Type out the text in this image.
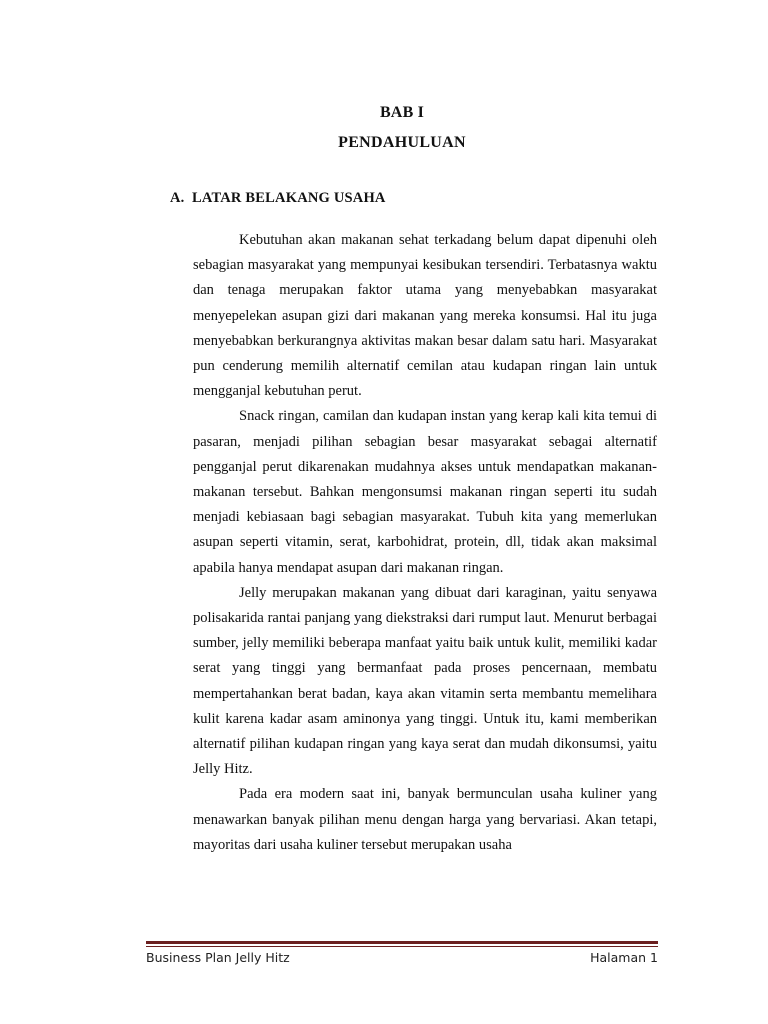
BAB I
PENDAHULUAN
A. LATAR BELAKANG USAHA

Kebutuhan akan makanan sehat terkadang belum dapat dipenuhi oleh sebagian masyarakat yang mempunyai kesibukan tersendiri. Terbatasnya waktu dan tenaga merupakan faktor utama yang menyebabkan masyarakat menyepelekan asupan gizi dari makanan yang mereka konsumsi. Hal itu juga menyebabkan berkurangnya aktivitas makan besar dalam satu hari. Masyarakat pun cenderung memilih alternatif cemilan atau kudapan ringan lain untuk mengganjal kebutuhan perut.

Snack ringan, camilan dan kudapan instan yang kerap kali kita temui di pasaran, menjadi pilihan sebagian besar masyarakat sebagai alternatif pengganjal perut dikarenakan mudahnya akses untuk mendapatkan makanan-makanan tersebut. Bahkan mengonsumsi makanan ringan seperti itu sudah menjadi kebiasaan bagi sebagian masyarakat. Tubuh kita yang memerlukan asupan seperti vitamin, serat, karbohidrat, protein, dll, tidak akan maksimal apabila hanya mendapat asupan dari makanan ringan.

Jelly merupakan makanan yang dibuat dari karaginan, yaitu senyawa polisakarida rantai panjang yang diekstraksi dari rumput laut. Menurut berbagai sumber, jelly memiliki beberapa manfaat yaitu baik untuk kulit, memiliki kadar serat yang tinggi yang bermanfaat pada proses pencernaan, membatu mempertahankan berat badan, kaya akan vitamin serta membantu memelihara kulit karena kadar asam aminonya yang tinggi. Untuk itu, kami memberikan alternatif pilihan kudapan ringan yang kaya serat dan mudah dikonsumsi, yaitu Jelly Hitz.

Pada era modern saat ini, banyak bermunculan usaha kuliner yang menawarkan banyak pilihan menu dengan harga yang bervariasi. Akan tetapi, mayoritas dari usaha kuliner tersebut merupakan usaha

Business Plan Jelly Hitz	Halaman 1
